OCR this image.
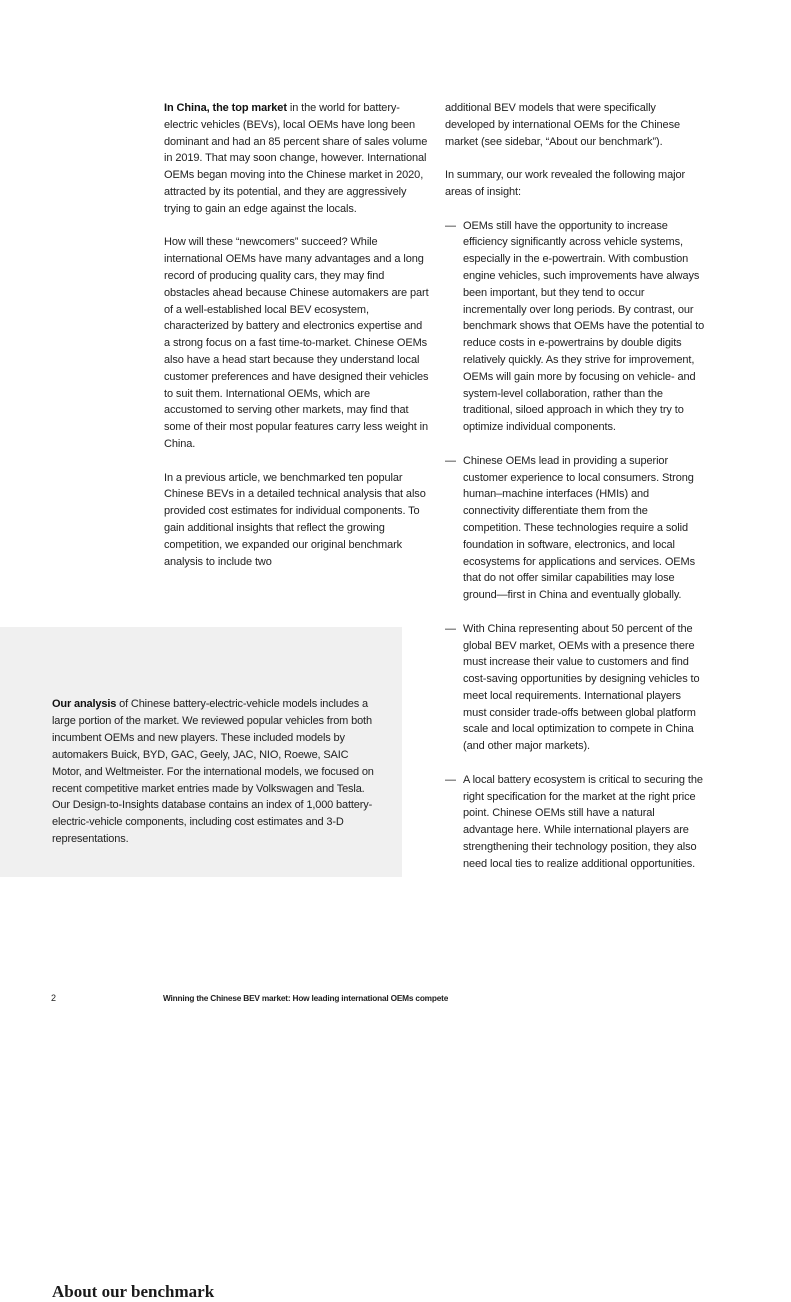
In China, the top market in the world for battery-electric vehicles (BEVs), local OEMs have long been dominant and had an 85 percent share of sales volume in 2019. That may soon change, however. International OEMs began moving into the Chinese market in 2020, attracted by its potential, and they are aggressively trying to gain an edge against the locals.

How will these “newcomers” succeed? While international OEMs have many advantages and a long record of producing quality cars, they may find obstacles ahead because Chinese automakers are part of a well-established local BEV ecosystem, characterized by battery and electronics expertise and a strong focus on a fast time-to-market. Chinese OEMs also have a head start because they understand local customer preferences and have designed their vehicles to suit them. International OEMs, which are accustomed to serving other markets, may find that some of their most popular features carry less weight in China.

In a previous article, we benchmarked ten popular Chinese BEVs in a detailed technical analysis that also provided cost estimates for individual components. To gain additional insights that reflect the growing competition, we expanded our original benchmark analysis to include two

additional BEV models that were specifically developed by international OEMs for the Chinese market (see sidebar, “About our benchmark”).

In summary, our work revealed the following major areas of insight:

— OEMs still have the opportunity to increase efficiency significantly across vehicle systems, especially in the e-powertrain. With combustion engine vehicles, such improvements have always been important, but they tend to occur incrementally over long periods. By contrast, our benchmark shows that OEMs have the potential to reduce costs in e-powertrains by double digits relatively quickly. As they strive for improvement, OEMs will gain more by focusing on vehicle- and system-level collaboration, rather than the traditional, siloed approach in which they try to optimize individual components.
— Chinese OEMs lead in providing a superior customer experience to local consumers. Strong human–machine interfaces (HMIs) and connectivity differentiate them from the competition. These technologies require a solid foundation in software, electronics, and local ecosystems for applications and services. OEMs that do not offer similar capabilities may lose ground—first in China and eventually globally.
— With China representing about 50 percent of the global BEV market, OEMs with a presence there must increase their value to customers and find cost-saving opportunities by designing vehicles to meet local requirements. International players must consider trade-offs between global platform scale and local optimization to compete in China (and other major markets).
— A local battery ecosystem is critical to securing the right specification for the market at the right price point. Chinese OEMs still have a natural advantage here. While international players are strengthening their technology position, they also need local ties to realize additional opportunities.
About our benchmark

Our analysis of Chinese battery-electric-vehicle models includes a large portion of the market. We reviewed popular vehicles from both incumbent OEMs and new players. These included models by automakers Buick, BYD, GAC, Geely, JAC, NIO, Roewe, SAIC Motor, and Weltmeister. For the international models, we focused on recent competitive market entries made by Volkswagen and Tesla. Our Design-to-Insights database contains an index of 1,000 battery-electric-vehicle components, including cost estimates and 3-D representations.

2	Winning the Chinese BEV market: How leading international OEMs compete
